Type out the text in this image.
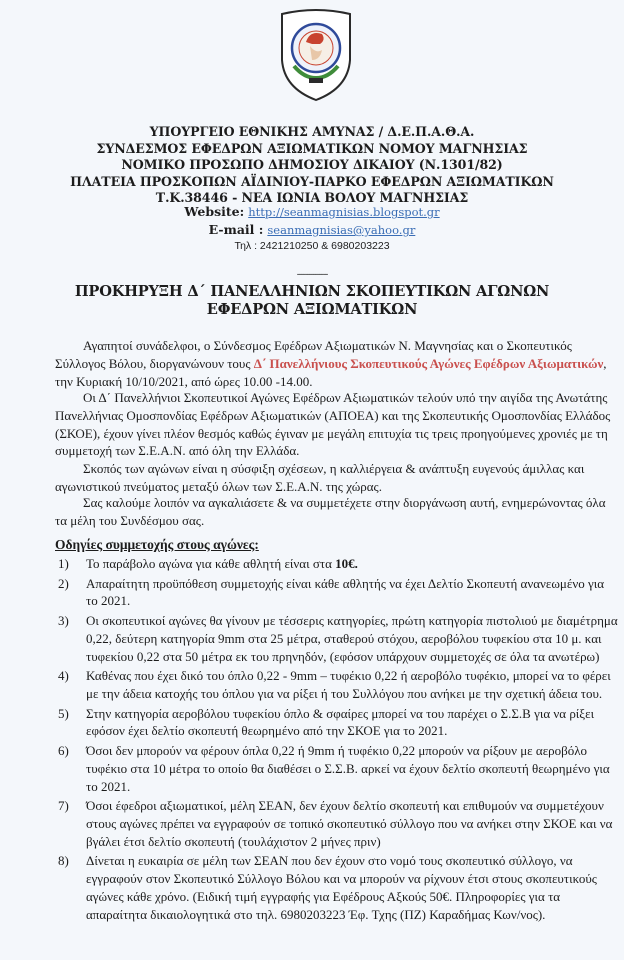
ΥΠΟΥΡΓΕΙΟ ΕΘΝΙΚΗΣ ΑΜΥΝΑΣ / Δ.Ε.Π.Α.Θ.Α.
ΣΥΝΔΕΣΜΟΣ ΕΦΕΔΡΩΝ ΑΞΙΩΜΑΤΙΚΩΝ ΝΟΜΟΥ ΜΑΓΝΗΣΙΑΣ
ΝΟΜΙΚΟ ΠΡΟΣΩΠΟ ΔΗΜΟΣΙΟΥ ΔΙΚΑΙΟΥ (Ν.1301/82)
ΠΛΑΤΕΙΑ ΠΡΟΣΚΟΠΩΝ ΑΪΔΙΝΙΟΥ-ΠΑΡΚΟ ΕΦΕΔΡΩΝ ΑΞΙΩΜΑΤΙΚΩΝ
Τ.Κ.38446 - ΝΕΑ ΙΩΝΙΑ ΒΟΛΟΥ ΜΑΓΝΗΣΙΑΣ
Website: http://seanmagnisias.blogspot.gr
E-mail : seanmagnisias@yahoo.gr
Τηλ : 2421210250 & 6980203223
---------------
ΠΡΟΚΗΡΥΞΗ Δ΄ ΠΑΝΕΛΛΗΝΙΩΝ ΣΚΟΠΕΥΤΙΚΩΝ ΑΓΩΝΩΝ
ΕΦΕΔΡΩΝ ΑΞΙΩΜΑΤΙΚΩΝ
Αγαπητοί συνάδελφοι, ο Σύνδεσμος Εφέδρων Αξιωματικών Ν. Μαγνησίας και ο Σκοπευτικός Σύλλογος Βόλου, διοργανώνουν τους Δ΄ Πανελλήνιους Σκοπευτικούς Αγώνες Εφέδρων Αξιωματικών, την Κυριακή 10/10/2021, από ώρες 10.00 -14.00.
Οι Δ΄ Πανελλήνιοι Σκοπευτικοί Αγώνες Εφέδρων Αξιωματικών τελούν υπό την αιγίδα της Ανωτάτης Πανελλήνιας Ομοσπονδίας Εφέδρων Αξιωματικών (ΑΠΟΕΑ) και της Σκοπευτικής Ομοσπονδίας Ελλάδος (ΣΚΟΕ), έχουν γίνει πλέον θεσμός καθώς έγιναν με μεγάλη επιτυχία τις τρεις προηγούμενες χρονιές με τη συμμετοχή των Σ.Ε.Α.Ν. από όλη την Ελλάδα.
Σκοπός των αγώνων είναι η σύσφιξη σχέσεων, η καλλιέργεια & ανάπτυξη ευγενούς άμιλλας και αγωνιστικού πνεύματος μεταξύ όλων των Σ.Ε.Α.Ν. της χώρας.
Σας καλούμε λοιπόν να αγκαλιάσετε & να συμμετέχετε στην διοργάνωση αυτή, ενημερώνοντας όλα τα μέλη του Συνδέσμου σας.
Οδηγίες συμμετοχής στους αγώνες:
1) Το παράβολο αγώνα για κάθε αθλητή είναι στα 10€.
2) Απαραίτητη προϋπόθεση συμμετοχής είναι κάθε αθλητής να έχει Δελτίο Σκοπευτή ανανεωμένο για το 2021.
3) Οι σκοπευτικοί αγώνες θα γίνουν με τέσσερις κατηγορίες, πρώτη κατηγορία πιστολιού με διαμέτρημα 0,22, δεύτερη κατηγορία 9mm στα 25 μέτρα, σταθερού στόχου, αεροβόλου τυφεκίου στα 10 μ. και τυφεκίου 0,22 στα 50 μέτρα εκ του πρηνηδόν, (εφόσον υπάρχουν συμμετοχές σε όλα τα ανωτέρω)
4) Καθένας που έχει δικό του όπλο 0,22 - 9mm – τυφέκιο 0,22 ή αεροβόλο τυφέκιο, μπορεί να το φέρει με την άδεια κατοχής του όπλου για να ρίξει ή του Συλλόγου που ανήκει με την σχετική άδεια του.
5) Στην κατηγορία αεροβόλου τυφεκίου όπλο & σφαίρες μπορεί να του παρέχει ο Σ.Σ.Β για να ρίξει εφόσον έχει δελτίο σκοπευτή θεωρημένο από την ΣΚΟΕ για το 2021.
6) Όσοι δεν μπορούν να φέρουν όπλα 0,22 ή 9mm ή τυφέκιο 0,22 μπορούν να ρίξουν με αεροβόλο τυφέκιο στα 10 μέτρα το οποίο θα διαθέσει ο Σ.Σ.Β. αρκεί να έχουν δελτίο σκοπευτή θεωρημένο για το 2021.
7) Όσοι έφεδροι αξιωματικοί, μέλη ΣΕΑΝ, δεν έχουν δελτίο σκοπευτή και επιθυμούν να συμμετέχουν στους αγώνες πρέπει να εγγραφούν σε τοπικό σκοπευτικό σύλλογο που να ανήκει στην ΣΚΟΕ και να βγάλει έτσι δελτίο σκοπευτή (τουλάχιστον 2 μήνες πριν)
8) Δίνεται η ευκαιρία σε μέλη των ΣΕΑΝ που δεν έχουν στο νομό τους σκοπευτικό σύλλογο, να εγγραφούν στον Σκοπευτικό Σύλλογο Βόλου και να μπορούν να ρίχνουν έτσι στους σκοπευτικούς αγώνες κάθε χρόνο. (Ειδική τιμή εγγραφής για Εφέδρους Αξκούς 50€. Πληροφορίες για τα απαραίτητα δικαιολογητικά στο τηλ. 6980203223 Έφ. Τχης (ΠΖ) Καραδήμας Κων/νος).
